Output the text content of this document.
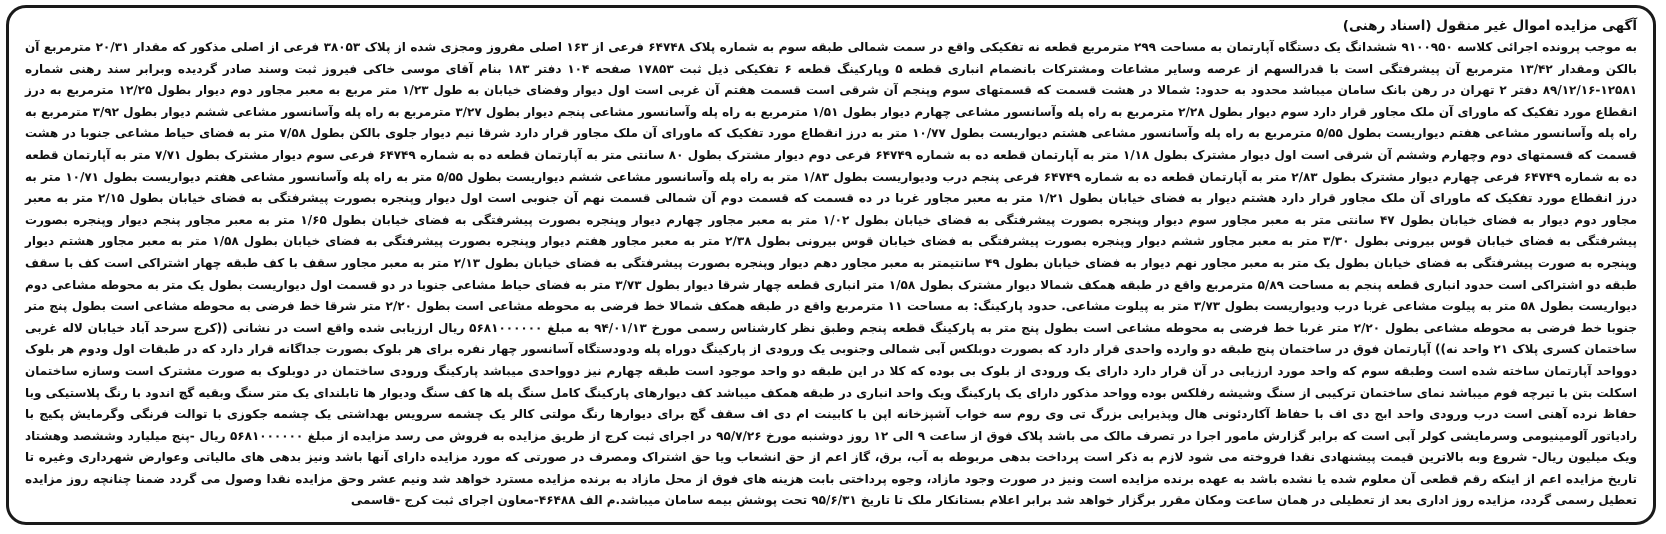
آگهی مزایده اموال غیر منقول (اسناد رهنی)

به موجب پرونده اجرائی کلاسه ۹۱۰۰۹۵۰ ششدانگ یک دستگاه آپارتمان به مساحت ۲۹۹ مترمربع قطعه نه تفکیکی واقع در سمت شمالی طبقه سوم به شماره پلاک ۶۴۷۴۸ فرعی از ۱۶۳ اصلی مفروز ومجزی شده از پلاک ۳۸۰۵۳ فرعی از اصلی مذکور که مقدار ۲۰/۳۱ مترمربع آن بالکن ومقدار ۱۳/۴۲ مترمربع آن پیشرفتگی است با قدرالسهم از عرصه وسایر مشاعات ومشترکات بانضمام انباری قطعه ۵ وپارکینگ قطعه ۶ تفکیکی ذیل ثبت ۱۷۸۵۳ صفحه ۱۰۴ دفتر ۱۸۳ بنام آقای موسی خاکی فیروز ثبت وسند صادر گردیده وبرابر سند رهنی شماره ۱۲۵۸۱-۸۹/۱۲/۱۶ دفتر ۲ تهران در رهن بانک سامان میباشد محدود به حدود: شمالا در هشت قسمت که قسمتهای سوم وپنجم آن شرقی است قسمت هفتم آن غربی است اول دیوار وفضای خیابان به طول ۱/۲۳ متر مربع به معبر مجاور دوم دیوار بطول ۱۲/۲۵ مترمربع به درز انقطاع مورد تفکیک که ماورای آن ملک مجاور قرار دارد سوم دیوار بطول ۲/۲۸ مترمربع به راه پله وآسانسور مشاعی چهارم دیوار بطول ۱/۵۱ مترمربع به راه پله وآسانسور مشاعی پنجم دیوار بطول ۳/۲۷ مترمربع به راه پله وآسانسور مشاعی ششم دیوار بطول ۳/۹۲ مترمربع به راه پله وآسانسور مشاعی هفتم دیواریست بطول ۵/۵۵ مترمربع به راه پله وآسانسور مشاعی هشتم دیواریست بطول ۱۰/۷۷ متر به درز انقطاع مورد تفکیک که ماورای آن ملک مجاور قرار دارد شرقا نیم دیوار جلوی بالکن بطول ۷/۵۸ متر به فضای حیاط مشاعی جنوبا در هشت قسمت که قسمتهای دوم وچهارم وششم آن شرقی است اول دیوار مشترک بطول ۱/۱۸ متر به آپارتمان قطعه ده به شماره ۶۴۷۴۹ فرعی دوم دیوار مشترک بطول ۸۰ سانتی متر به آپارتمان قطعه ده به شماره ۶۴۷۴۹ فرعی سوم دیوار مشترک بطول ۷/۷۱ متر به آپارتمان قطعه ده به شماره ۶۴۷۴۹ فرعی چهارم دیوار مشترک بطول ۲/۸۳ متر به آپارتمان قطعه ده به شماره ۶۴۷۴۹ فرعی پنجم درب ودیواریست بطول ۱/۸۳ متر به راه پله وآسانسور مشاعی ششم دیواریست بطول ۵/۵۵ متر به راه پله وآسانسور مشاعی هفتم دیواریست بطول ۱۰/۷۱ متر به درز انقطاع مورد تفکیک که ماورای آن ملک مجاور قرار دارد هشتم دیوار به فضای خیابان بطول ۱/۲۱ متر به معبر مجاور غربا در ده قسمت که قسمت دوم آن شمالی قسمت نهم آن جنوبی است اول دیوار وپنجره بصورت پیشرفتگی به فضای خیابان بطول ۲/۱۵ متر به معبر مجاور دوم دیوار به فضای خیابان بطول ۴۷ سانتی متر به معبر مجاور سوم دیوار وپنجره بصورت پیشرفتگی به فضای خیابان بطول ۱/۰۲ متر به معبر مجاور چهارم دیوار وپنجره بصورت پیشرفتگی به فضای خیابان بطول ۱/۶۵ متر به معبر مجاور پنجم دیوار وپنجره بصورت پیشرفتگی به فضای خیابان قوس بیرونی بطول ۳/۳۰ متر به معبر مجاور ششم دیوار وپنجره بصورت پیشرفتگی به فضای خیابان قوس بیرونی بطول ۲/۳۸ متر به معبر مجاور هفتم دیوار وپنجره بصورت پیشرفتگی به فضای خیابان بطول ۱/۵۸ متر به معبر مجاور هشتم دیوار وپنجره به صورت پیشرفتگی به فضای خیابان بطول یک متر به معبر مجاور نهم دیوار به فضای خیابان بطول ۴۹ سانتیمتر به معبر مجاور دهم دیوار وپنجره بصورت پیشرفتگی به فضای خیابان بطول ۲/۱۳ متر به معبر مجاور سقف با کف طبقه چهار اشتراکی است کف با سقف طبقه دو اشتراکی است حدود انباری قطعه پنجم به مساحت ۵/۸۹ مترمربع واقع در طبقه همکف شمالا دیوار مشترک بطول ۱/۵۸ متر انباری قطعه چهار شرقا دیوار بطول ۳/۷۳ متر به فضای حیاط مشاعی جنوبا در دو قسمت اول دیواریست بطول یک متر به محوطه مشاعی دوم دیواریست بطول ۵۸ متر به پیلوت مشاعی غربا درب ودیواریست بطول ۳/۷۳ متر به پیلوت مشاعی. حدود پارکینگ: به مساحت ۱۱ مترمربع واقع در طبقه همکف شمالا خط فرضی به محوطه مشاعی است بطول ۲/۲۰ متر شرقا خط فرضی به محوطه مشاعی است بطول پنج متر جنوبا خط فرضی به محوطه مشاعی بطول ۲/۲۰ متر غربا خط فرضی به محوطه مشاعی است بطول پنج متر به پارکینگ قطعه پنجم وطبق نظر کارشناس رسمی مورخ ۹۴/۰۱/۱۳ به مبلغ ۵۶۸۱۰۰۰۰۰۰ ریال ارزیابی شده واقع است در نشانی ((کرج سرحد آباد خیابان لاله غربی ساختمان کسری پلاک ۲۱ واحد نه)) آپارتمان فوق در ساختمان پنج طبقه دو وارده واحدی قرار دارد که بصورت دوبلکس آبی شمالی وجنوبی یک ورودی از پارکینگ دوراه پله ودودستگاه آسانسور چهار نفره برای هر بلوک بصورت جداگانه قرار دارد که در طبقات اول ودوم هر بلوک دوواحد آپارتمان ساخته شده است وطبقه سوم که واحد مورد ارزیابی در آن قرار دارد دارای یک ورودی از بلوک بی بوده که کلا در این طبقه دو واحد موجود است طبقه چهارم نیز دوواحدی میباشد پارکینگ ورودی ساختمان در دوبلوک به صورت مشترک است وسازه ساختمان اسکلت بتن با تیرچه فوم میباشد نمای ساختمان ترکیبی از سنگ وشیشه رفلکس بوده وواحد مذکور دارای یک پارکینگ ویک واحد انباری در طبقه همکف میباشد کف دیوارهای پارکینگ کامل سنگ پله ها کف سنگ ودیوار ها تابلندای یک متر سنگ وبقیه گچ اندود با رنگ پلاستیکی وبا حفاظ نرده آهنی است درب ورودی واحد ابج دی اف با حفاظ آکاردئونی هال وپذیرایی بزرگ تی وی روم سه خواب آشپزخانه اپن با کابینت ام دی اف سقف گچ برای دیوارها رنگ مولتی کالر یک چشمه سرویس بهداشتی یک چشمه جکوزی با توالت فرنگی وگرمایش پکیج با رادیاتور آلومینیومی وسرمایشی کولر آبی است که برابر گزارش مامور اجرا در تصرف مالک می باشد پلاک فوق از ساعت ۹ الی ۱۲ روز دوشنبه مورخ ۹۵/۷/۲۶ در اجرای ثبت کرج از طریق مزایده به فروش می رسد مزایده از مبلغ ۵۶۸۱۰۰۰۰۰۰ ریال -پنج میلیارد وششصد وهشتاد ویک میلیون ریال- شروع وبه بالاترین قیمت پیشنهادی نقدا فروخته می شود لازم به ذکر است پرداخت بدهی مربوطه به آب، برق، گاز اعم از حق انشعاب ویا حق اشتراک ومصرف در صورتی که مورد مزایده دارای آنها باشد ونیز بدهی های مالیاتی وعوارض شهرداری وغیره تا تاریخ مزایده اعم از اینکه رقم قطعی آن معلوم شده یا نشده باشد به عهده برنده مزایده است ونیز در صورت وجود مازاد، وجوه پرداختی بابت هزینه های فوق از محل مازاد به برنده مزایده مسترد خواهد شد ونیم عشر وحق مزایده نقدا وصول می گردد ضمنا چنانچه روز مزایده تعطیل رسمی گردد، مزایده روز اداری بعد از تعطیلی در همان ساعت ومکان مقرر برگزار خواهد شد برابر اعلام بستانکار ملک تا تاریخ ۹۵/۶/۳۱ تحت پوشش بیمه سامان میباشد.م الف ۴۶۴۸۸-معاون اجرای ثبت کرج -قاسمی
